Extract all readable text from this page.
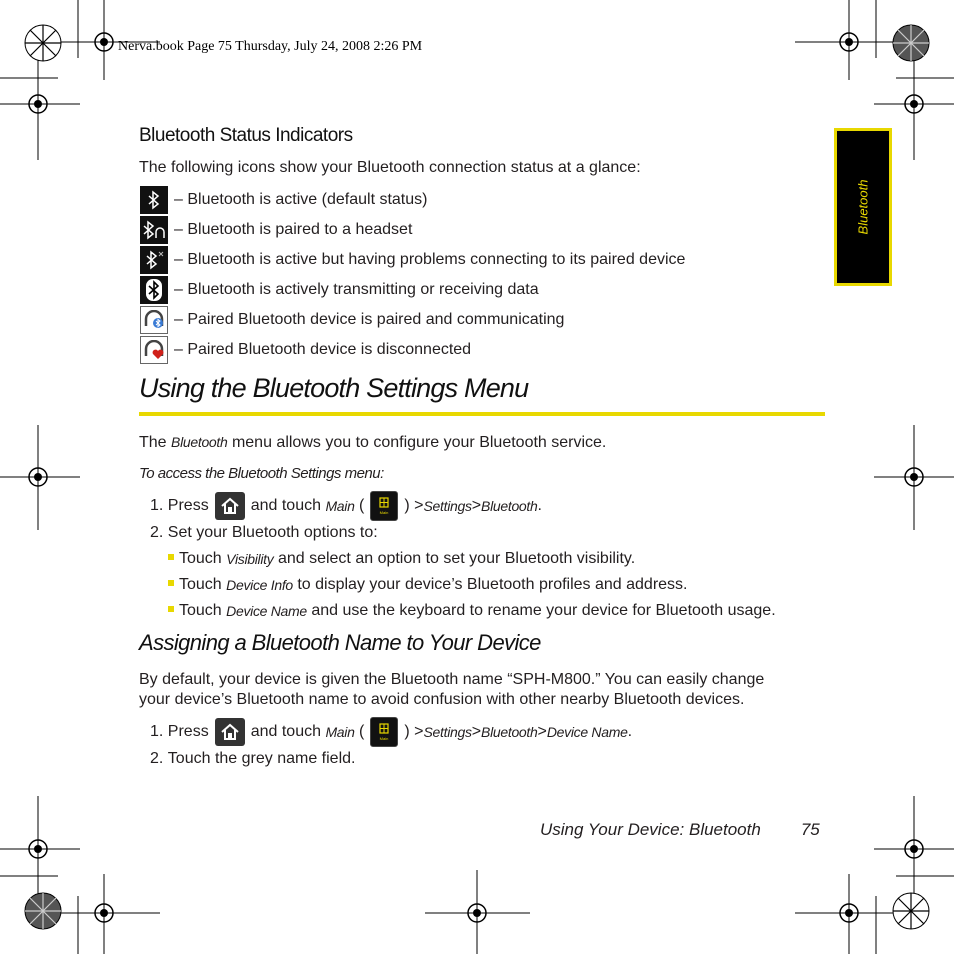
Nerva.book Page 75 Thursday, July 24, 2008 2:26 PM
Bluetooth
Bluetooth Status Indicators
The following icons show your Bluetooth connection status at a glance:
– Bluetooth is active (default status)
– Bluetooth is paired to a headset
– Bluetooth is active but having problems connecting to its paired device
– Bluetooth is actively transmitting or receiving data
– Paired Bluetooth device is paired and communicating
– Paired Bluetooth device is disconnected
Using the Bluetooth Settings Menu
The Bluetooth menu allows you to configure your Bluetooth service.
To access the Bluetooth Settings menu:
1.
Press	and touch
Main
(	Main )
> Settings > Bluetooth .
2.
Set your Bluetooth options to:
Touch
Visibility
and select an option to set your Bluetooth visibility.
Touch
Device Info
to display your device’s Bluetooth profiles and address.
Touch
Device Name
and use the keyboard to rename your device for Bluetooth usage.
Assigning a Bluetooth Name to Your Device
By default, your device is given the Bluetooth name “SPH-M800.” You can easily change
your device’s Bluetooth name to avoid confusion with other nearby Bluetooth devices.
1.
Press	and touch
Main
(	Main )
> Settings > Bluetooth > Device Name .
2.
Touch the grey name field.
Using Your Device: Bluetooth 75
